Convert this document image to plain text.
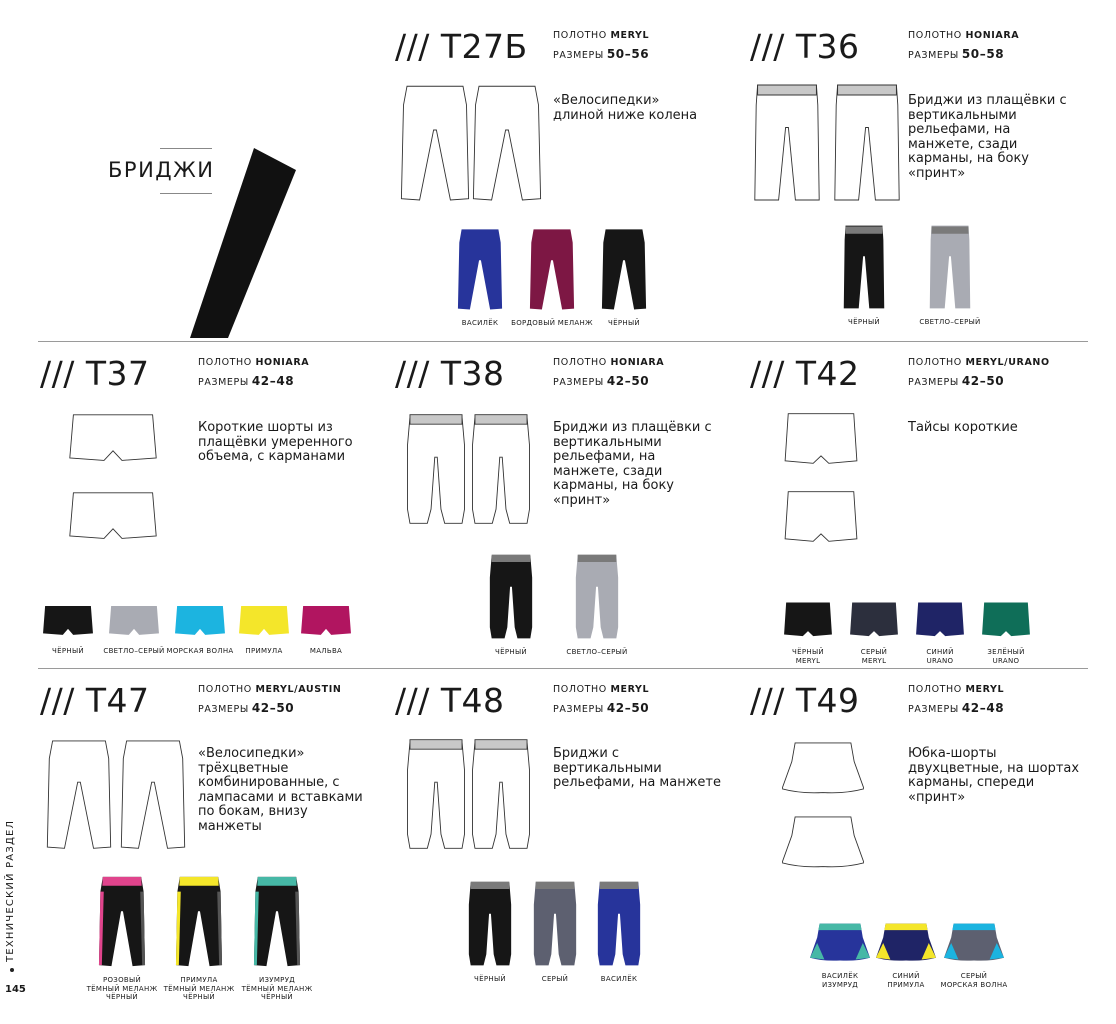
БРИДЖИ
/// Т27Б	ПОЛОТНО MERYL
РАЗМЕРЫ 50–56
«Велосипедки» длиной ниже колена
ВАСИЛЁК БОРДОВЫЙ МЕЛАНЖ ЧЁРНЫЙ
/// Т36	ПОЛОТНО HONIARA
РАЗМЕРЫ 50–58
Бриджи из плащёвки с вертикальными рельефами, на манжете, сзади карманы, на боку «принт»
ЧЁРНЫЙ	СВЕТЛО–СЕРЫЙ
/// Т37	ПОЛОТНО HONIARA
РАЗМЕРЫ 42–48
Короткие шорты из плащёвки умеренного объема, с карманами
ЧЁРНЫЙ	СВЕТЛО–СЕРЫЙ МОРСКАЯ ВОЛНА ПРИМУЛА	МАЛЬВА
/// Т38	ПОЛОТНО HONIARA
РАЗМЕРЫ 42–50
Бриджи из плащёвки с вертикальными рельефами, на манжете, сзади карманы, на боку «принт»
ЧЁРНЫЙ	СВЕТЛО–СЕРЫЙ
/// Т42	ПОЛОТНО MERYL/URANO
РАЗМЕРЫ 42–50
Тайсы короткие
ЧЁРНЫЙ
MERYL
СЕРЫЙ
MERYL
СИНИЙ
URANO
ЗЕЛЁНЫЙ
URANO
/// Т47	ПОЛОТНО MERYL/AUSTIN
РАЗМЕРЫ 42–50
«Велосипедки» трёхцветные комбинированные, с лампасами и вставками по бокам, внизу манжеты
РОЗОВЫЙ
ТЁМНЫЙ МЕЛАНЖ
ЧЁРНЫЙ
ПРИМУЛА
ТЁМНЫЙ МЕЛАНЖ
ЧЁРНЫЙ
ИЗУМРУД
ТЁМНЫЙ МЕЛАНЖ
ЧЁРНЫЙ
/// Т48	ПОЛОТНО MERYL
РАЗМЕРЫ 42–50
Бриджи с вертикальными рельефами, на манжете
ЧЁРНЫЙ	СЕРЫЙ	ВАСИЛЁК
/// Т49	ПОЛОТНО MERYL
РАЗМЕРЫ 42–48
Юбка-шорты двухцветные, на шортах карманы, спереди «принт»
ВАСИЛЁК
ИЗУМРУД
СИНИЙ
ПРИМУЛА
СЕРЫЙ
МОРСКАЯ ВОЛНА
ТЕХНИЧЕСКИЙ РАЗДЕЛ
145
